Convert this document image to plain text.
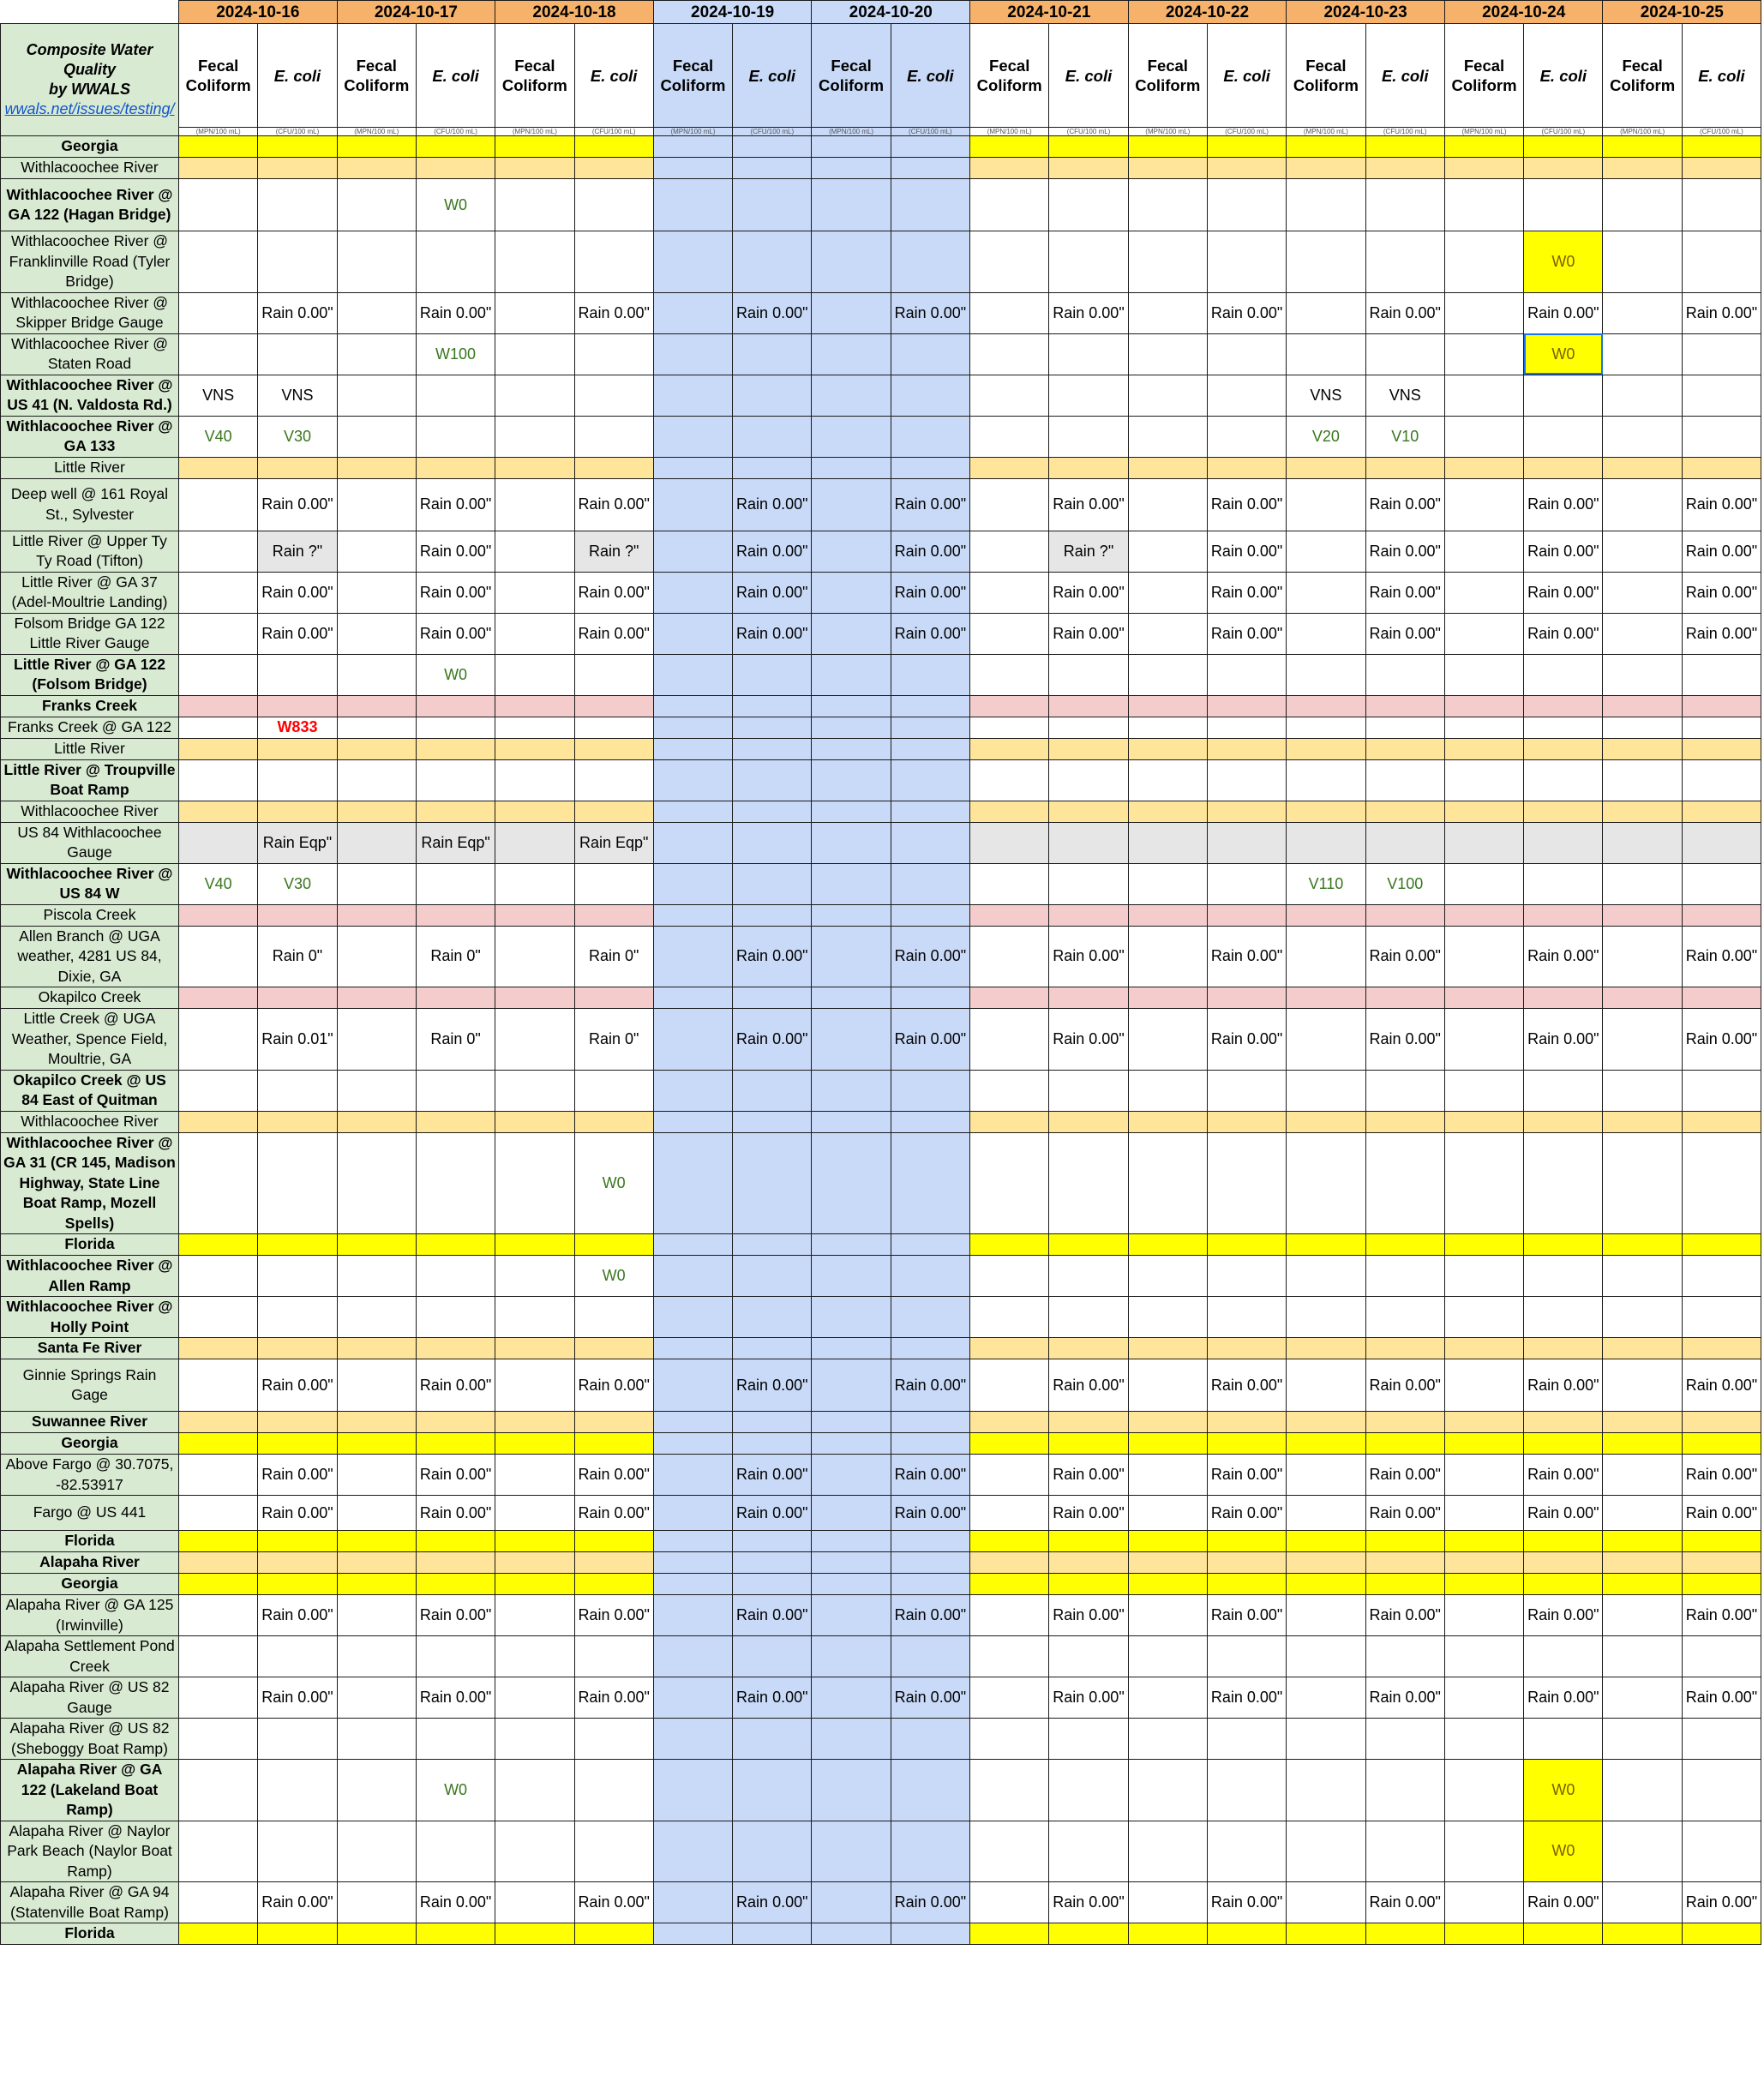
	2024-10-16		2024-10-17		2024-10-18		2024-10-19		2024-10-20		2024-10-21		2024-10-22		2024-10-23		2024-10-24		2024-10-25	

Composite Water Quality
by WWALS
wwals.net/issues/testing/	Fecal Coliform	E. coli	Fecal Coliform	E. coli	Fecal Coliform	E. coli	Fecal Coliform	E. coli	Fecal Coliform	E. coli	Fecal Coliform	E. coli	Fecal Coliform	E. coli	Fecal Coliform	E. coli	Fecal Coliform	E. coli	Fecal Coliform	E. coli
	(MPN/100 mL)	(CFU/100 mL)	(MPN/100 mL)	(CFU/100 mL)	(MPN/100 mL)	(CFU/100 mL)	(MPN/100 mL)	(CFU/100 mL)	(MPN/100 mL)	(CFU/100 mL)	(MPN/100 mL)	(CFU/100 mL)	(MPN/100 mL)	(CFU/100 mL)	(MPN/100 mL)	(CFU/100 mL)	(MPN/100 mL)	(CFU/100 mL)	(MPN/100 mL)	(CFU/100 mL)
Georgia																				
Withlacoochee River																				
Withlacoochee River @ GA 122 (Hagan Bridge)				W0																
Withlacoochee River @ Franklinville Road (Tyler Bridge)																		W0		
Withlacoochee River @ Skipper Bridge Gauge		Rain 0.00"		Rain 0.00"		Rain 0.00"		Rain 0.00"		Rain 0.00"		Rain 0.00"		Rain 0.00"		Rain 0.00"		Rain 0.00"		Rain 0.00"
Withlacoochee River @ Staten Road				W100														W0		
Withlacoochee River @ US 41 (N. Valdosta Rd.)	VNS	VNS													VNS	VNS				
Withlacoochee River @ GA 133	V40	V30													V20	V10				
Little River																				
Deep well @ 161 Royal St., Sylvester		Rain 0.00"		Rain 0.00"		Rain 0.00"		Rain 0.00"		Rain 0.00"		Rain 0.00"		Rain 0.00"		Rain 0.00"		Rain 0.00"		Rain 0.00"
Little River @ Upper Ty Ty Road (Tifton)		Rain ?"		Rain 0.00"		Rain ?"		Rain 0.00"		Rain 0.00"		Rain ?"		Rain 0.00"		Rain 0.00"		Rain 0.00"		Rain 0.00"
Little River @ GA 37 (Adel-Moultrie Landing)		Rain 0.00"		Rain 0.00"		Rain 0.00"		Rain 0.00"		Rain 0.00"		Rain 0.00"		Rain 0.00"		Rain 0.00"		Rain 0.00"		Rain 0.00"
Folsom Bridge GA 122 Little River Gauge		Rain 0.00"		Rain 0.00"		Rain 0.00"		Rain 0.00"		Rain 0.00"		Rain 0.00"		Rain 0.00"		Rain 0.00"		Rain 0.00"		Rain 0.00"
Little River @ GA 122 (Folsom Bridge)				W0																
Franks Creek																				
Franks Creek @ GA 122		W833																		
Little River																				
Little River @ Troupville Boat Ramp																				
Withlacoochee River																				
US 84 Withlacoochee Gauge		Rain Eqp"		Rain Eqp"		Rain Eqp"														
Withlacoochee River @ US 84 W	V40	V30													V110	V100				
Piscola Creek																				
Allen Branch @ UGA weather, 4281 US 84, Dixie, GA		Rain 0"		Rain 0"		Rain 0"		Rain 0.00"		Rain 0.00"		Rain 0.00"		Rain 0.00"		Rain 0.00"		Rain 0.00"		Rain 0.00"
Okapilco Creek																				
Little Creek @ UGA Weather, Spence Field, Moultrie, GA		Rain 0.01"		Rain 0"		Rain 0"		Rain 0.00"		Rain 0.00"		Rain 0.00"		Rain 0.00"		Rain 0.00"		Rain 0.00"		Rain 0.00"
Okapilco Creek @ US 84 East of Quitman																				
Withlacoochee River																				
Withlacoochee River @ GA 31 (CR 145, Madison Highway, State Line Boat Ramp, Mozell Spells)						W0														
Florida																				
Withlacoochee River @ Allen Ramp						W0														
Withlacoochee River @ Holly Point																				
Santa Fe River																				
Ginnie Springs Rain Gage		Rain 0.00"		Rain 0.00"		Rain 0.00"		Rain 0.00"		Rain 0.00"		Rain 0.00"		Rain 0.00"		Rain 0.00"		Rain 0.00"		Rain 0.00"
Suwannee River																				
Georgia																				
Above Fargo @ 30.7075, -82.53917		Rain 0.00"		Rain 0.00"		Rain 0.00"		Rain 0.00"		Rain 0.00"		Rain 0.00"		Rain 0.00"		Rain 0.00"		Rain 0.00"		Rain 0.00"
Fargo @ US 441		Rain 0.00"		Rain 0.00"		Rain 0.00"		Rain 0.00"		Rain 0.00"		Rain 0.00"		Rain 0.00"		Rain 0.00"		Rain 0.00"		Rain 0.00"
Florida																				
Alapaha River																				
Georgia																				
Alapaha River @ GA 125 (Irwinville)		Rain 0.00"		Rain 0.00"		Rain 0.00"		Rain 0.00"		Rain 0.00"		Rain 0.00"		Rain 0.00"		Rain 0.00"		Rain 0.00"		Rain 0.00"
Alapaha Settlement Pond Creek																				
Alapaha River @ US 82 Gauge		Rain 0.00"		Rain 0.00"		Rain 0.00"		Rain 0.00"		Rain 0.00"		Rain 0.00"		Rain 0.00"		Rain 0.00"		Rain 0.00"		Rain 0.00"
Alapaha River @ US 82 (Sheboggy Boat Ramp)																				
Alapaha River @ GA 122 (Lakeland Boat Ramp)				W0														W0		
Alapaha River @ Naylor Park Beach (Naylor Boat Ramp)																		W0		
Alapaha River @ GA 94 (Statenville Boat Ramp)		Rain 0.00"		Rain 0.00"		Rain 0.00"		Rain 0.00"		Rain 0.00"		Rain 0.00"		Rain 0.00"		Rain 0.00"		Rain 0.00"		Rain 0.00"
Florida																				
